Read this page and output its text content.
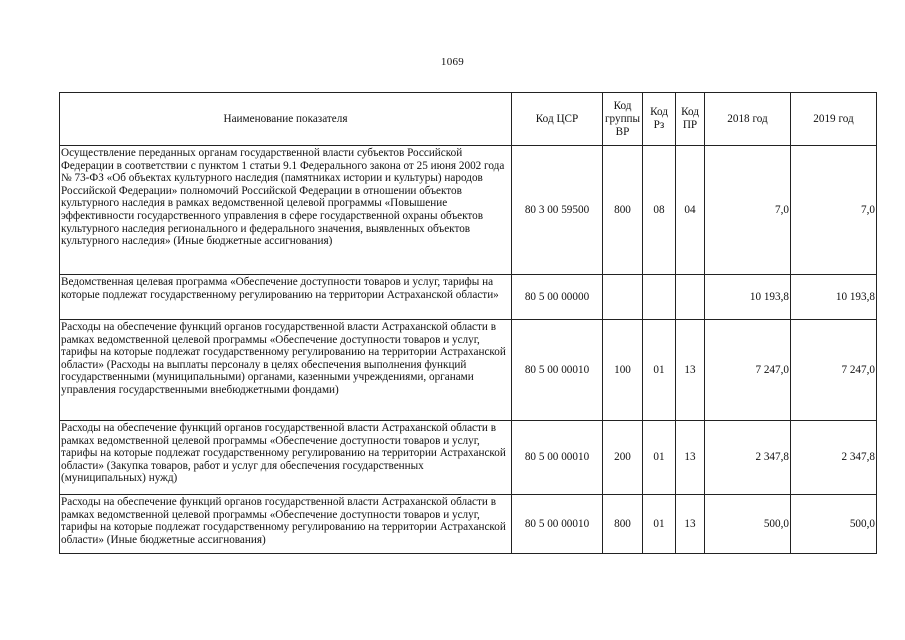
1069
Наименование показателя	Код ЦСР	Код группы ВР	Код Рз	Код ПР	2018 год	2019 год
Осуществление переданных органам государственной власти субъектов Российской Федерации в соответствии с пунктом 1 статьи 9.1 Федерального закона от 25 июня 2002 года № 73-ФЗ «Об объектах культурного наследия (памятниках истории и культуры) народов Российской Федерации» полномочий Российской Федерации в отношении объектов культурного наследия в рамках ведомственной целевой программы «Повышение эффективности государственного управления в сфере государственной охраны объектов культурного наследия регионального и федерального значения, выявленных объектов культурного наследия» (Иные бюджетные ассигнования)	80 3 00 59500	800	08	04	7,0	7,0
Ведомственная целевая программа «Обеспечение доступности товаров и услуг, тарифы на которые подлежат государственному регулированию на территории Астраханской области»	80 5 00 00000				10 193,8	10 193,8
Расходы на обеспечение функций органов государственной власти Астраханской области в рамках ведомственной целевой программы «Обеспечение доступности товаров и услуг, тарифы на которые подлежат государственному регулированию на территории Астраханской области» (Расходы на выплаты персоналу в целях обеспечения выполнения функций государственными (муниципальными) органами, казенными учреждениями, органами управления государственными внебюджетными фондами)	80 5 00 00010	100	01	13	7 247,0	7 247,0
Расходы на обеспечение функций органов государственной власти Астраханской области в рамках ведомственной целевой программы «Обеспечение доступности товаров и услуг, тарифы на которые подлежат государственному регулированию на территории Астраханской области» (Закупка товаров, работ и услуг для обеспечения государственных (муниципальных) нужд)	80 5 00 00010	200	01	13	2 347,8	2 347,8
Расходы на обеспечение функций органов государственной власти Астраханской области в рамках ведомственной целевой программы «Обеспечение доступности товаров и услуг, тарифы на которые подлежат государственному регулированию на территории Астраханской области» (Иные бюджетные ассигнования)	80 5 00 00010	800	01	13	500,0	500,0
